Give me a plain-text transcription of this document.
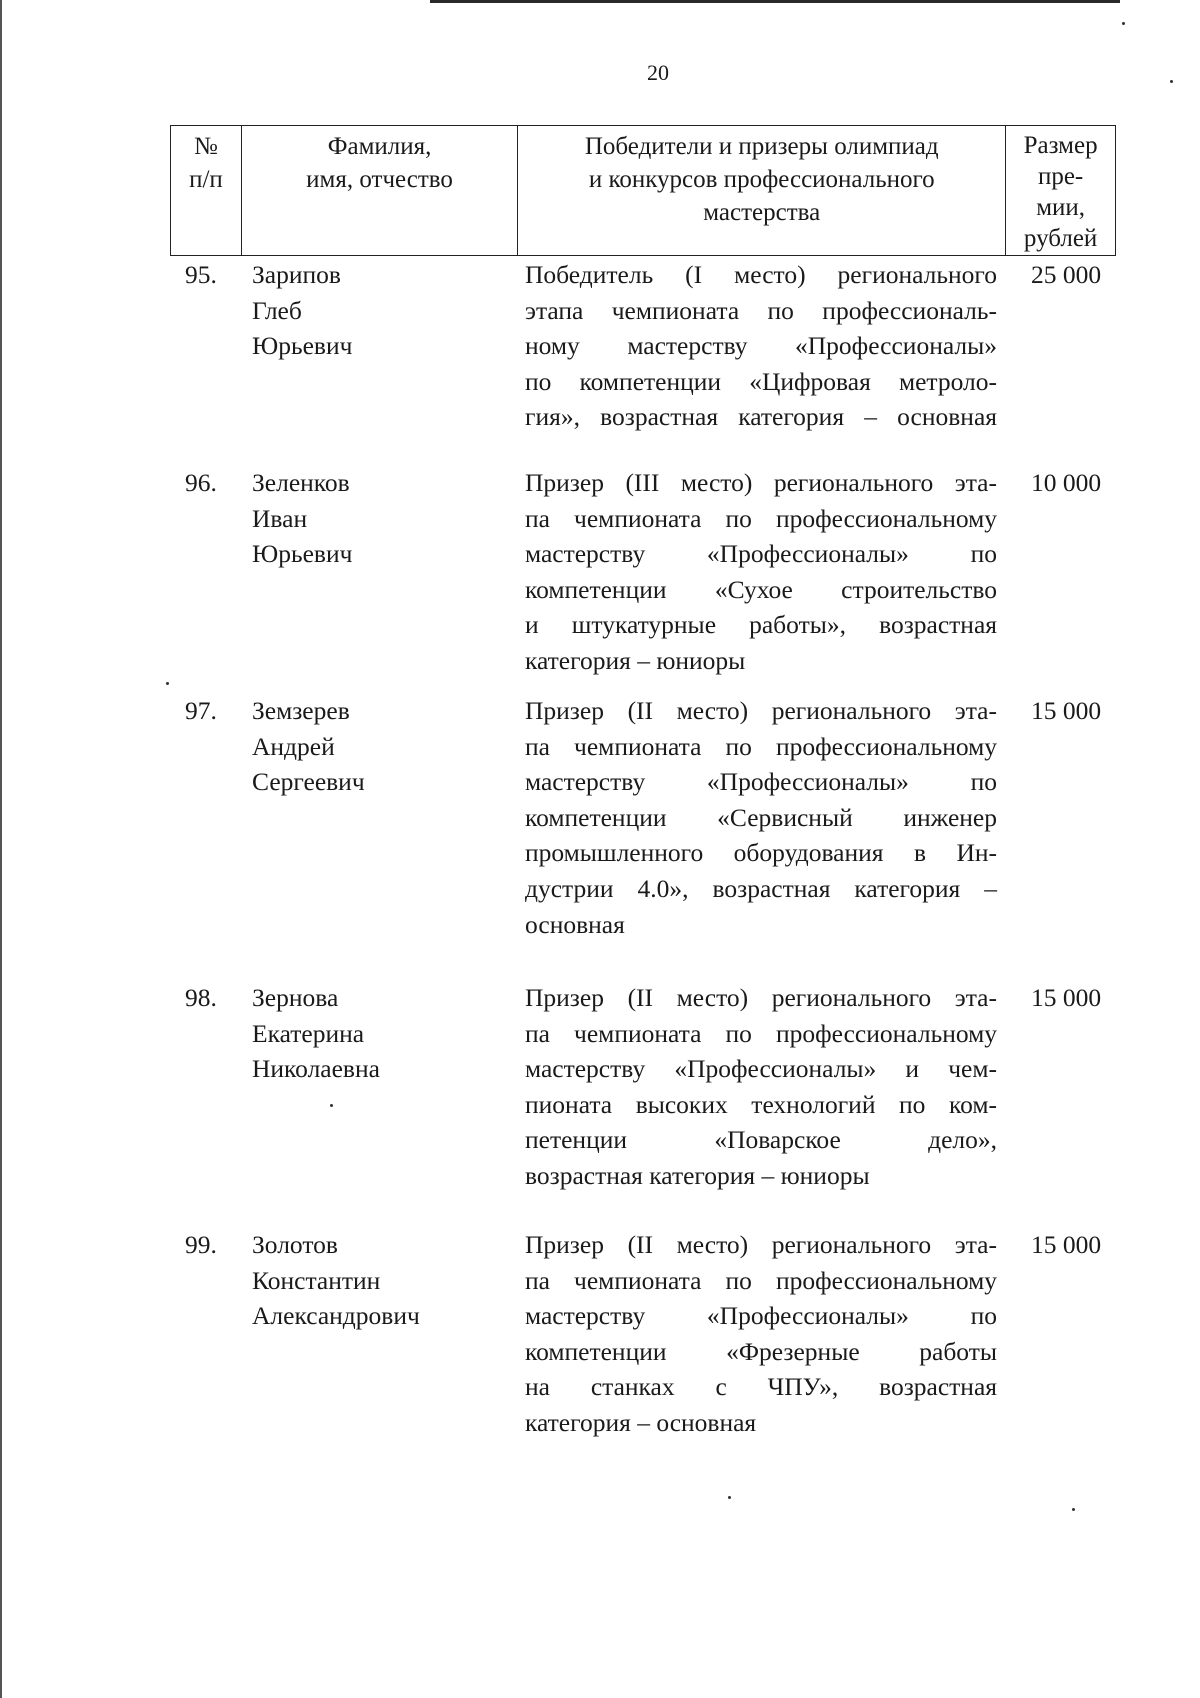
20
№
п/п
Фамилия,
имя, отчество
Победители и призеры олимпиад
и конкурсов профессионального
мастерства
Размер
пре-
мии,
рублей
95. Зарипов
Глеб
Юрьевич
Победитель (I место) регионального
этапа чемпионата по профессиональ-
ному мастерству «Профессионалы»
по компетенции «Цифровая метроло-
гия», возрастная категория – основная
25 000
96. Зеленков
Иван
Юрьевич
Призер (III место) регионального эта-
па чемпионата по профессиональному
мастерству «Профессионалы» по
компетенции «Сухое строительство
и штукатурные работы», возрастная
категория – юниоры
10 000
97. Земзерев
Андрей
Сергеевич
Призер (II место) регионального эта-
па чемпионата по профессиональному
мастерству «Профессионалы» по
компетенции «Сервисный инженер
промышленного оборудования в Ин-
дустрии 4.0», возрастная категория –
основная
15 000
98. Зернова
Екатерина
Николаевна
Призер (II место) регионального эта-
па чемпионата по профессиональному
мастерству «Профессионалы» и чем-
пионата высоких технологий по ком-
петенции «Поварское дело»,
возрастная категория – юниоры
15 000
99. Золотов
Константин
Александрович
Призер (II место) регионального эта-
па чемпионата по профессиональному
мастерству «Профессионалы» по
компетенции «Фрезерные работы
на станках с ЧПУ», возрастная
категория – основная
15 000
